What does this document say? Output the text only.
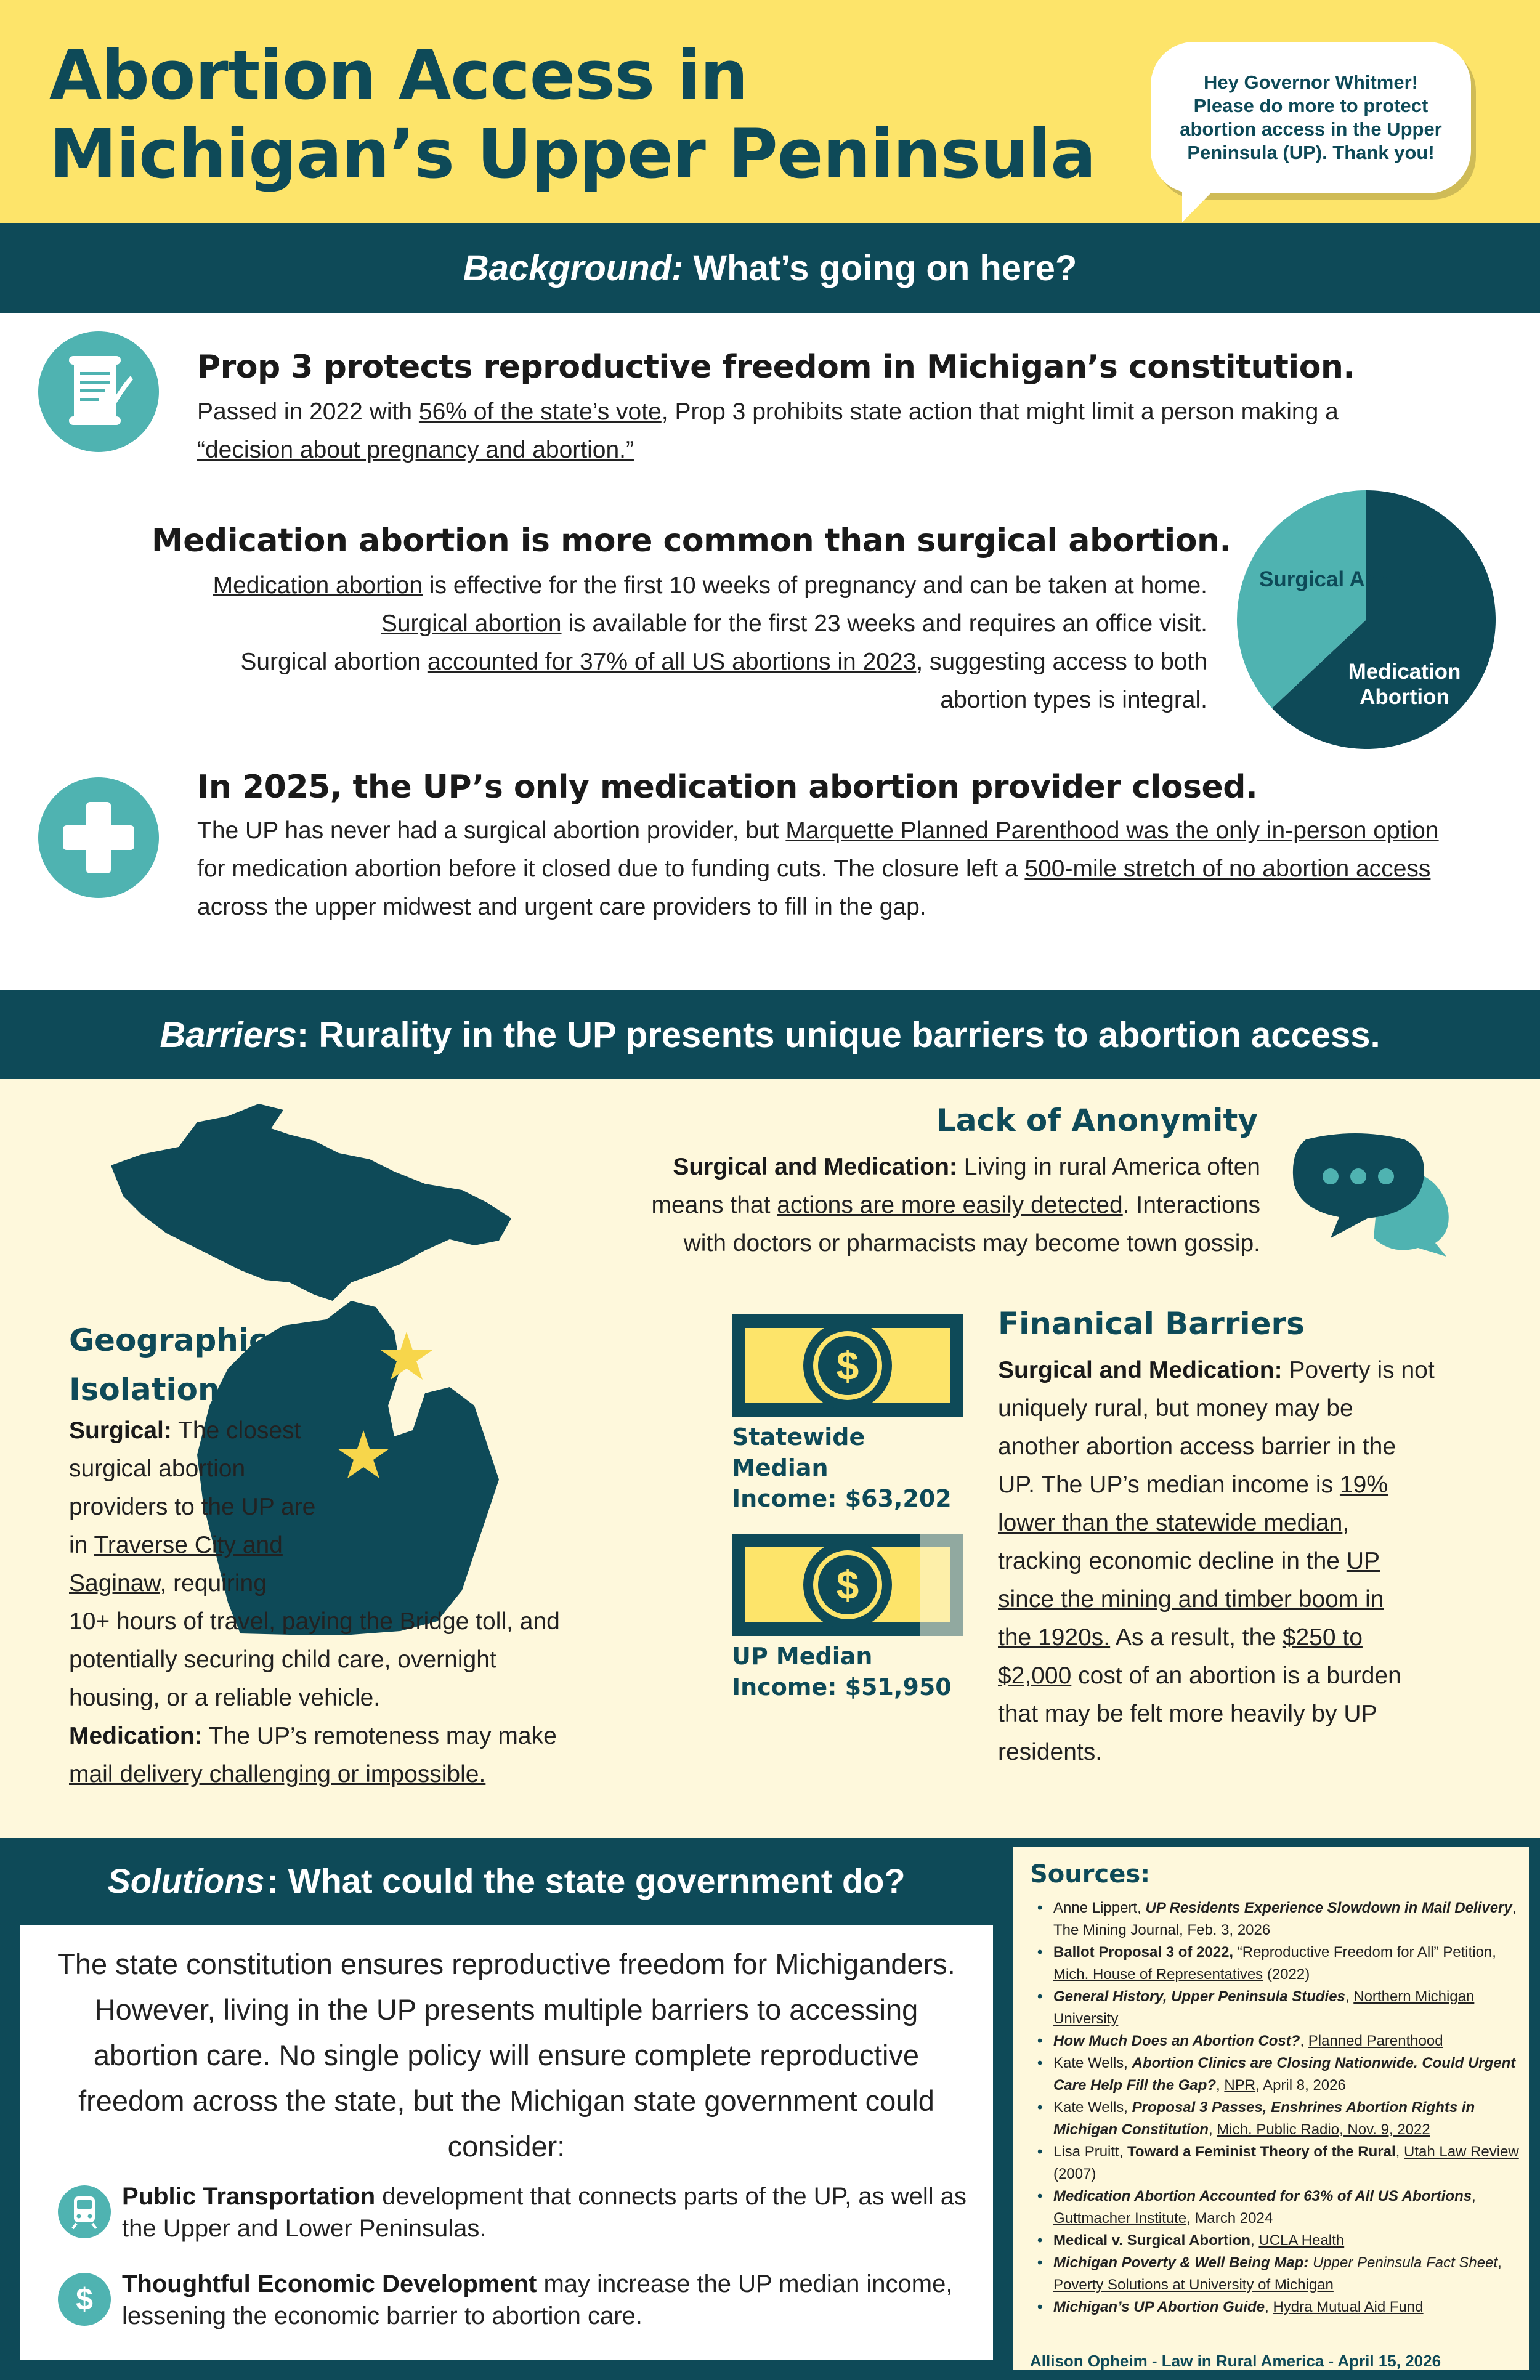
Abortion Access in
Michigan’s Upper Peninsula
Hey Governor Whitmer! Please do more to protect abortion access in the Upper Peninsula (UP). Thank you!
Background: What’s going on here?
Prop 3 protects reproductive freedom in Michigan’s constitution.
Passed in 2022 with 56% of the state’s vote, Prop 3 prohibits state action that might limit a person making a
“decision about pregnancy and abortion.”
Medication abortion is more common than surgical abortion.
Medication abortion is effective for the first 10 weeks of pregnancy and can be taken at home.
Surgical abortion is available for the first 23 weeks and requires an office visit.
Surgical abortion accounted for 37% of all US abortions in 2023, suggesting access to both
abortion types is integral.
Surgical Abortion
Medication Abortion
In 2025, the UP’s only medication abortion provider closed.
The UP has never had a surgical abortion provider, but Marquette Planned Parenthood was the only in-person option for medication abortion before it closed due to funding cuts. The closure left a 500-mile stretch of no abortion access across the upper midwest and urgent care providers to fill in the gap.
Barriers : Rurality in the UP presents unique barriers to abortion access.
Lack of Anonymity
Surgical and Medication: Living in rural America often
means that actions are more easily detected. Interactions
with doctors or pharmacists may become town gossip.
Geographic
Isolation
Surgical: The closest
surgical abortion
providers to the UP are
in Traverse City and
Saginaw, requiring
10+ hours of travel, paying the Bridge toll, and
potentially securing child care, overnight
housing, or a reliable vehicle.
Medication: The UP’s remoteness may make
mail delivery challenging or impossible.
$
Statewide
Median
Income: $63,202
$
UP Median
Income: $51,950
Finanical Barriers
Surgical and Medication: Poverty is not
uniquely rural, but money may be
another abortion access barrier in the
UP. The UP’s median income is 19%
lower than the statewide median,
tracking economic decline in the UP
since the mining and timber boom in
the 1920s. As a result, the $250 to
$2,000 cost of an abortion is a burden
that may be felt more heavily by UP
residents.
Solutions : What could the state government do?
The state constitution ensures reproductive freedom for Michiganders. However, living in the UP presents multiple barriers to accessing abortion care. No single policy will ensure complete reproductive freedom across the state, but the Michigan state government could consider:
Public Transportation development that connects parts of the UP, as well as the Upper and Lower Peninsulas.
$ Thoughtful Economic Development may increase the UP median income, lessening the economic barrier to abortion care.
Sources:
• Anne Lippert, UP Residents Experience Slowdown in Mail Delivery, The Mining Journal, Feb. 3, 2026
• Ballot Proposal 3 of 2022, “Reproductive Freedom for All” Petition, Mich. House of Representatives (2022)
• General History, Upper Peninsula Studies, Northern Michigan University
• How Much Does an Abortion Cost?, Planned Parenthood
• Kate Wells, Abortion Clinics are Closing Nationwide. Could Urgent Care Help Fill the Gap?, NPR, April 8, 2026
• Kate Wells, Proposal 3 Passes, Enshrines Abortion Rights in Michigan Constitution, Mich. Public Radio, Nov. 9, 2022
• Lisa Pruitt, Toward a Feminist Theory of the Rural, Utah Law Review (2007)
• Medication Abortion Accounted for 63% of All US Abortions, Guttmacher Institute, March 2024
• Medical v. Surgical Abortion, UCLA Health
• Michigan Poverty & Well Being Map: Upper Peninsula Fact Sheet, Poverty Solutions at University of Michigan
• Michigan’s UP Abortion Guide, Hydra Mutual Aid Fund
Allison Opheim - Law in Rural America - April 15, 2026
